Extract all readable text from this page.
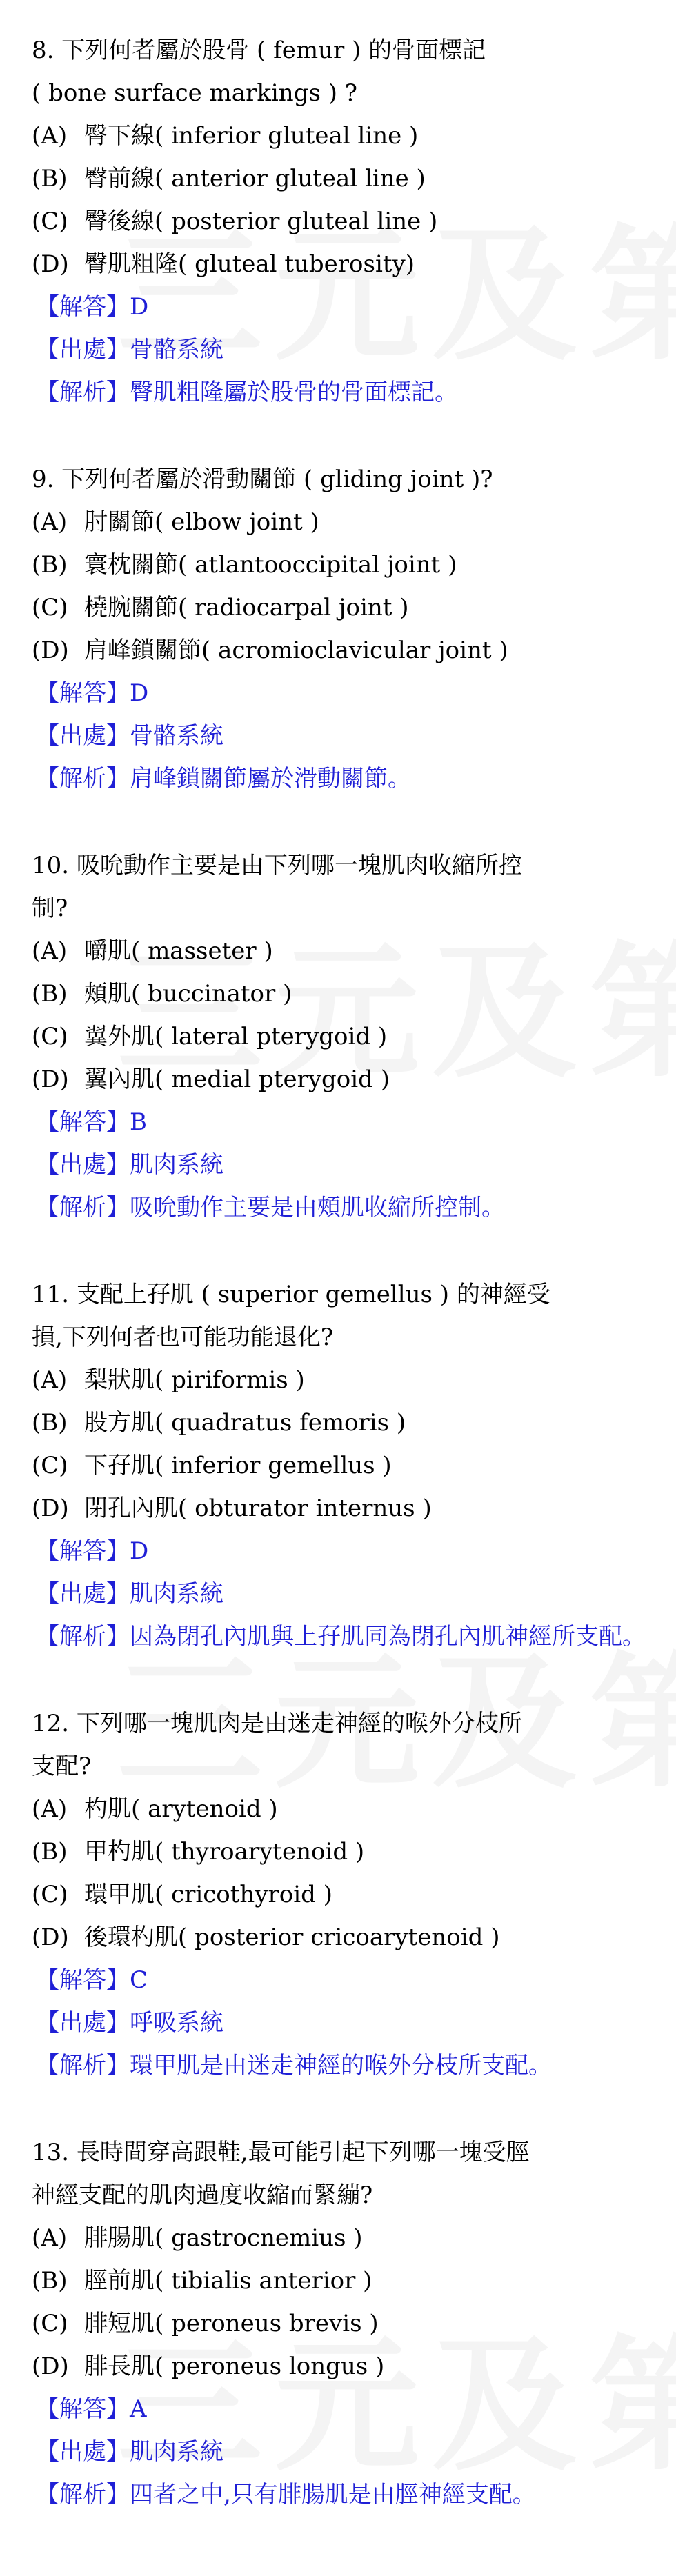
8. 下列何者屬於股骨 ( femur ) 的骨面標記
( bone surface markings ) ?
(A) 臀下線( inferior gluteal line )
(B) 臀前線( anterior gluteal line )
(C) 臀後線( posterior gluteal line )
(D) 臀肌粗隆( gluteal tuberosity)
【解答】D
【出處】骨骼系統
【解析】臀肌粗隆屬於股骨的骨面標記。
9. 下列何者屬於滑動關節 ( gliding joint )?
(A) 肘關節( elbow joint )
(B) 寰枕關節( atlantooccipital joint )
(C) 橈腕關節( radiocarpal joint )
(D) 肩峰鎖關節( acromioclavicular joint )
【解答】D
【出處】骨骼系統
【解析】肩峰鎖關節屬於滑動關節。
10. 吸吮動作主要是由下列哪一塊肌肉收縮所控
制?
(A) 嚼肌( masseter )
(B) 頰肌( buccinator )
(C) 翼外肌( lateral pterygoid )
(D) 翼內肌( medial pterygoid )
【解答】B
【出處】肌肉系統
【解析】吸吮動作主要是由頰肌收縮所控制。
11. 支配上孖肌 ( superior gemellus ) 的神經受
損,下列何者也可能功能退化?
(A) 梨狀肌( piriformis )
(B) 股方肌( quadratus femoris )
(C) 下孖肌( inferior gemellus )
(D) 閉孔內肌( obturator internus )
【解答】D
【出處】肌肉系統
【解析】因為閉孔內肌與上孖肌同為閉孔內肌神經所支配。
12. 下列哪一塊肌肉是由迷走神經的喉外分枝所
支配?
(A) 杓肌( arytenoid )
(B) 甲杓肌( thyroarytenoid )
(C) 環甲肌( cricothyroid )
(D) 後環杓肌( posterior cricoarytenoid )
【解答】C
【出處】呼吸系統
【解析】環甲肌是由迷走神經的喉外分枝所支配。
13. 長時間穿高跟鞋,最可能引起下列哪一塊受脛
神經支配的肌肉過度收縮而緊繃?
(A) 腓腸肌( gastrocnemius )
(B) 脛前肌( tibialis anterior )
(C) 腓短肌( peroneus brevis )
(D) 腓長肌( peroneus longus )
【解答】A
【出處】肌肉系統
【解析】四者之中,只有腓腸肌是由脛神經支配。
